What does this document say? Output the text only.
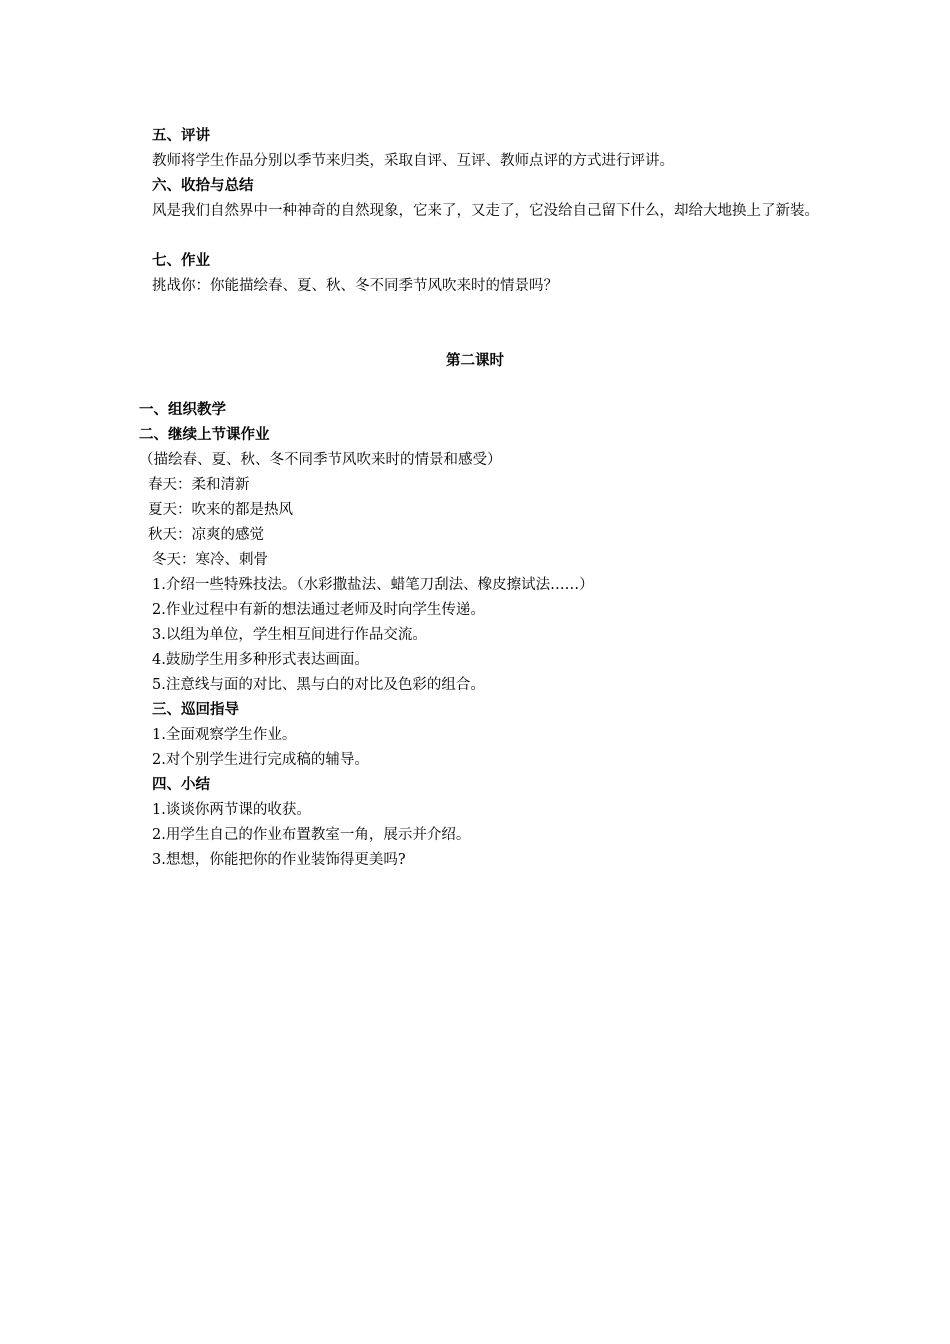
五、评讲
教师将学生作品分别以季节来归类，采取自评、互评、教师点评的方式进行评讲。
六、收拾与总结
风是我们自然界中一种神奇的自然现象，它来了，又走了，它没给自己留下什么，却给大地换上了新装。
七、作业
挑战你：你能描绘春、夏、秋、冬不同季节风吹来时的情景吗？
第二课时
一、组织教学
二、继续上节课作业
（描绘春、夏、秋、冬不同季节风吹来时的情景和感受）
春天：柔和清新
夏天：吹来的都是热风
秋天：凉爽的感觉
冬天：寒冷、刺骨
1.介绍一些特殊技法。（水彩撒盐法、蜡笔刀刮法、橡皮擦试法……）
2.作业过程中有新的想法通过老师及时向学生传递。
3.以组为单位，学生相互间进行作品交流。
4.鼓励学生用多种形式表达画面。
5.注意线与面的对比、黑与白的对比及色彩的组合。
三、巡回指导
1.全面观察学生作业。
2.对个别学生进行完成稿的辅导。
四、小结
1.谈谈你两节课的收获。
2.用学生自己的作业布置教室一角，展示并介绍。
3.想想，你能把你的作业装饰得更美吗?
